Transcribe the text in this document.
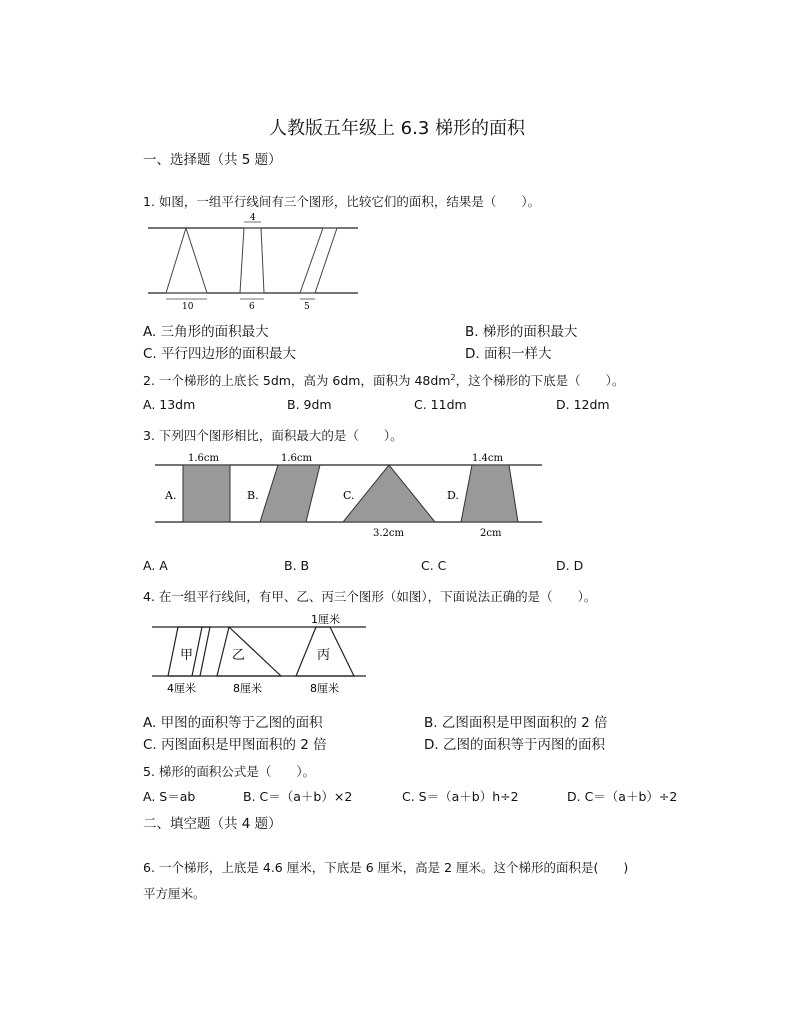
人教版五年级上 6.3 梯形的面积
一、选择题（共 5 题）
1. 如图，一组平行线间有三个图形，比较它们的面积，结果是（　　）。
4
10	6	5
A. 三角形的面积最大	B. 梯形的面积最大
C. 平行四边形的面积最大	D. 面积一样大
2. 一个梯形的上底长 5dm，高为 6dm，面积为 $48dm^2$，这个梯形的下底是（　　）。
A. 13dm	B. 9dm	C. 11dm	D. 12dm
3. 下列四个图形相比，面积最大的是（　　）。
A.	B.	C.	D.
1.6cm	1.6cm	1.4cm
3.2cm	2cm
A. A	B. B	C. C	D. D
4. 在一组平行线间，有甲、乙、丙三个图形（如图），下面说法正确的是（　　）。
1厘米
甲	乙	丙
4厘米	8厘米	8厘米
A. 甲图的面积等于乙图的面积	B. 乙图面积是甲图面积的 2 倍
C. 丙图面积是甲图面积的 2 倍	D. 乙图的面积等于丙图的面积
5. 梯形的面积公式是（　　）。
A. S＝ab	B. C＝（a＋b）×2	C. S＝（a＋b）h÷2	D. C＝（a＋b）÷2
二、填空题（共 4 题）
6. 一个梯形，上底是 4.6 厘米，下底是 6 厘米，高是 2 厘米。这个梯形的面积是(　　)
平方厘米。
